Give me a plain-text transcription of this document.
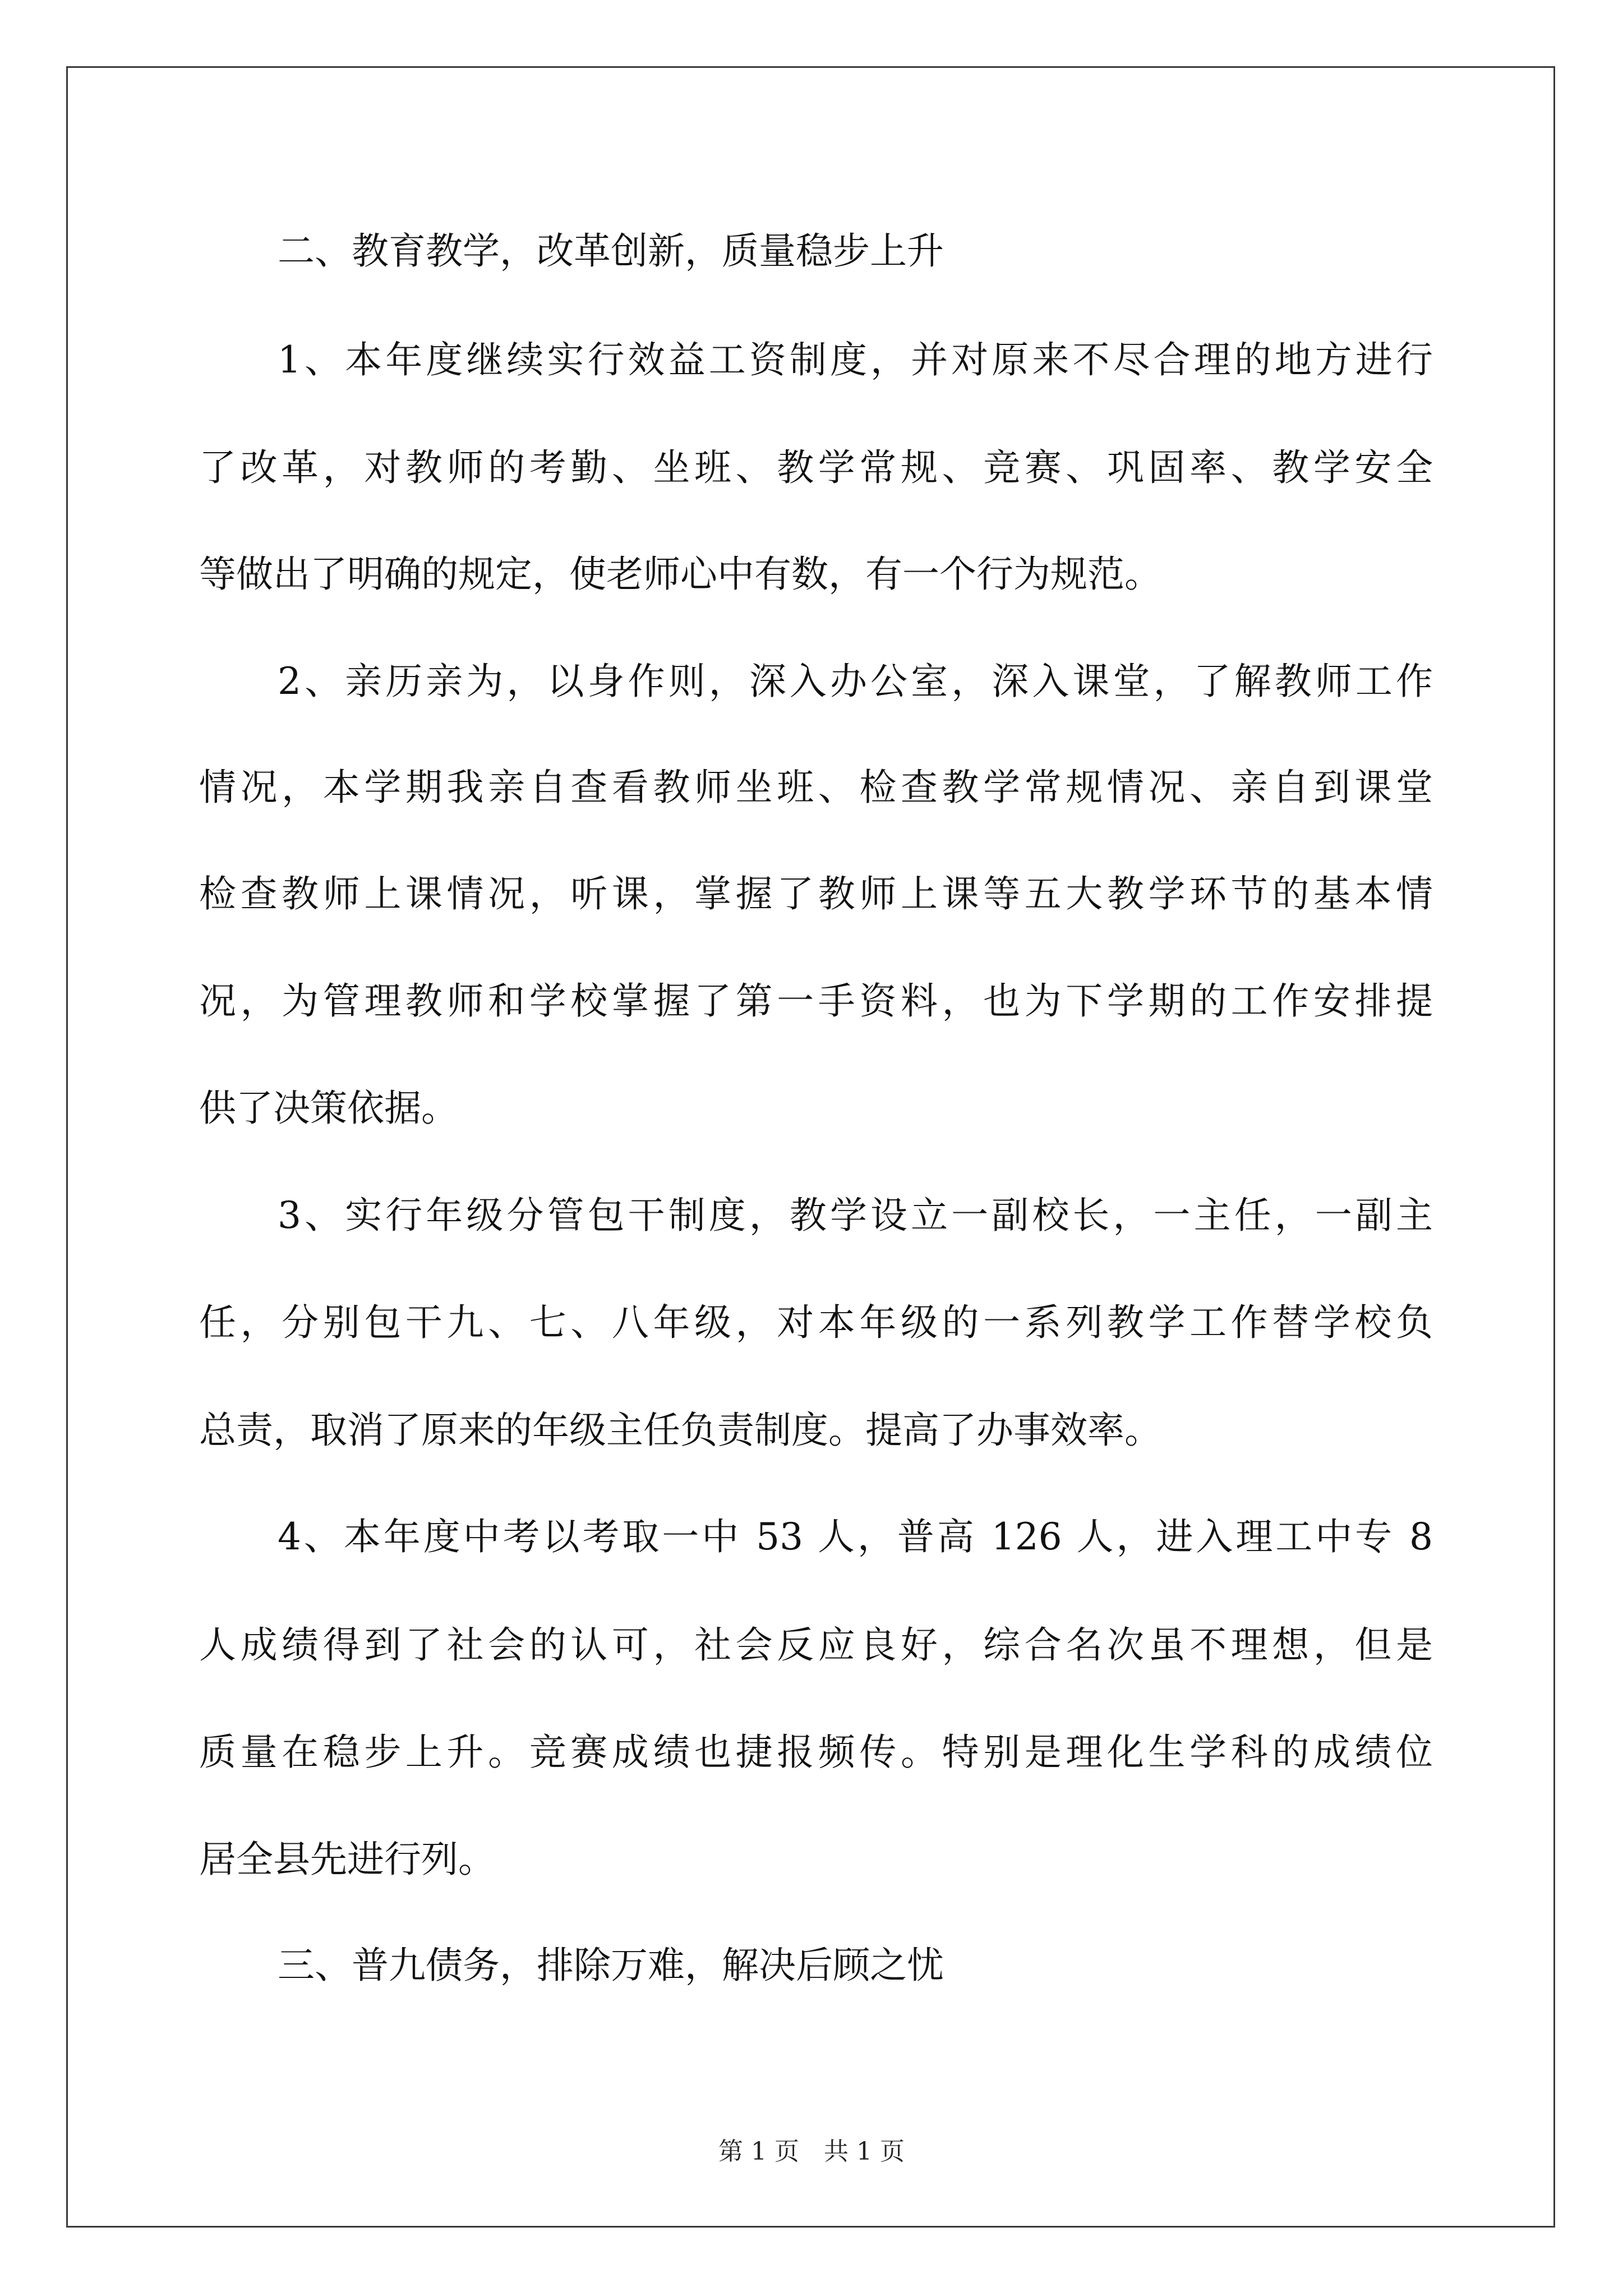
二、教育教学，改革创新，质量稳步上升
1、本年度继续实行效益工资制度，并对原来不尽合理的地方进行
了改革，对教师的考勤、坐班、教学常规、竞赛、巩固率、教学安全
等做出了明确的规定，使老师心中有数，有一个行为规范。
2、亲历亲为，以身作则，深入办公室，深入课堂，了解教师工作
情况，本学期我亲自查看教师坐班、检查教学常规情况、亲自到课堂
检查教师上课情况，听课，掌握了教师上课等五大教学环节的基本情
况，为管理教师和学校掌握了第一手资料，也为下学期的工作安排提
供了决策依据。
3、实行年级分管包干制度，教学设立一副校长，一主任，一副主
任，分别包干九、七、八年级，对本年级的一系列教学工作替学校负
总责，取消了原来的年级主任负责制度。提高了办事效率。
4、本年度中考以考取一中 53 人，普高 126 人，进入理工中专 8
人成绩得到了社会的认可，社会反应良好，综合名次虽不理想，但是
质量在稳步上升。竞赛成绩也捷报频传。特别是理化生学科的成绩位
居全县先进行列。
三、普九债务，排除万难，解决后顾之忧
第 1 页 共 1 页
